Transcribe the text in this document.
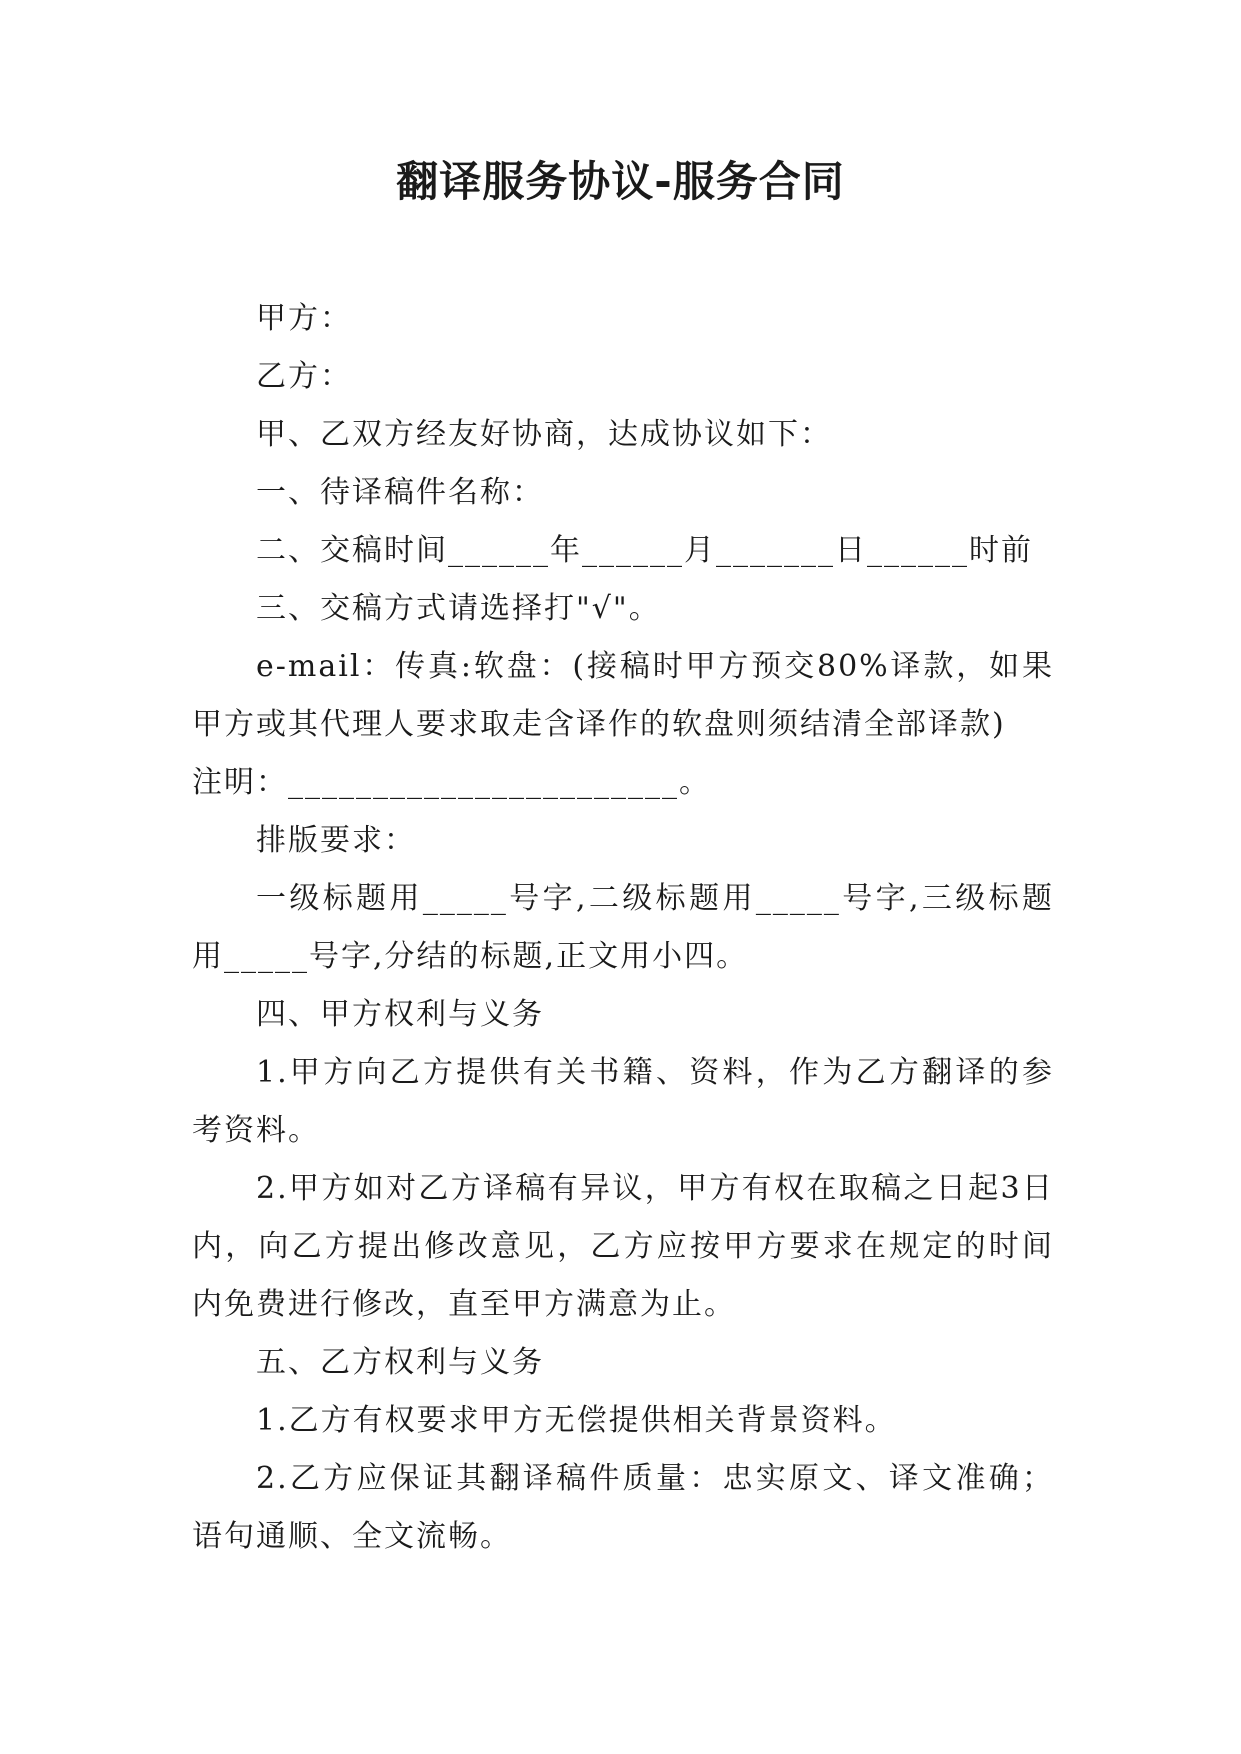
翻译服务协议-服务合同

甲方：

乙方：

甲、乙双方经友好协商，达成协议如下：

一、待译稿件名称：

二、交稿时间______年______月_______日______时前

三、交稿方式请选择打"√"。

e-mail：传真:软盘：(接稿时甲方预交80%译款，如果甲方或其代理人要求取走含译作的软盘则须结清全部译款)

注明：_______________________。

排版要求：

一级标题用_____号字,二级标题用_____号字,三级标题用_____号字,分结的标题,正文用小四。

四、甲方权利与义务

1.甲方向乙方提供有关书籍、资料，作为乙方翻译的参考资料。

2.甲方如对乙方译稿有异议，甲方有权在取稿之日起3日内，向乙方提出修改意见，乙方应按甲方要求在规定的时间内免费进行修改，直至甲方满意为止。

五、乙方权利与义务

1.乙方有权要求甲方无偿提供相关背景资料。

2.乙方应保证其翻译稿件质量：忠实原文、译文准确；语句通顺、全文流畅。
